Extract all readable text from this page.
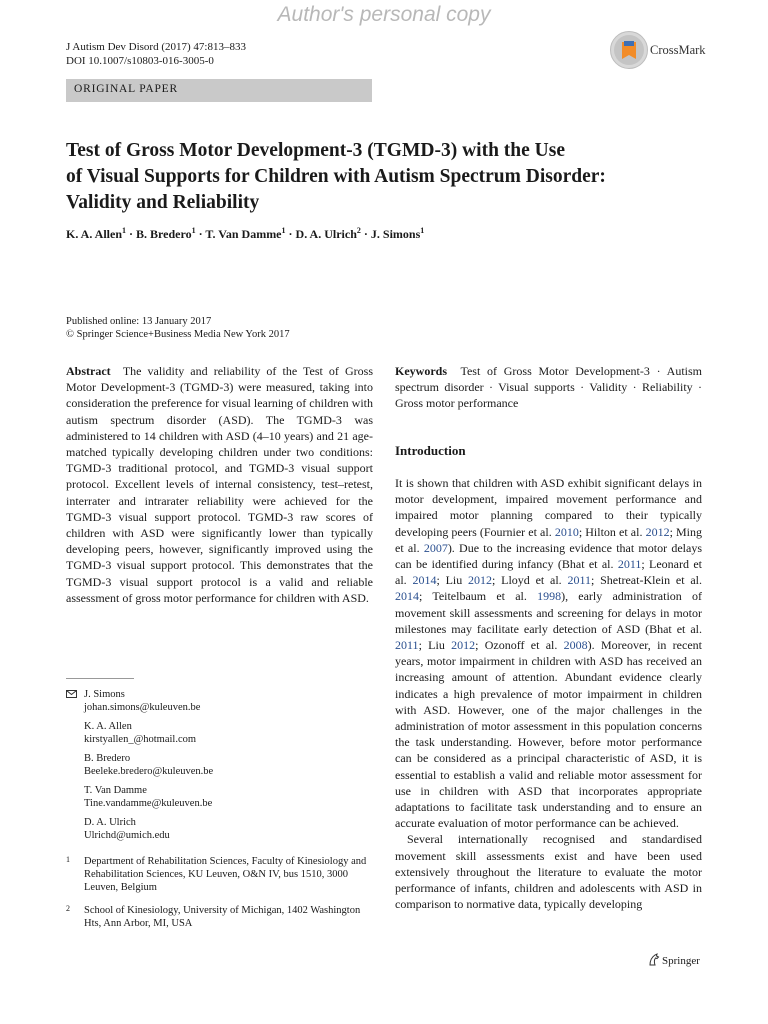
Author's personal copy
J Autism Dev Disord (2017) 47:813–833
DOI 10.1007/s10803-016-3005-0
CrossMark
ORIGINAL PAPER
Test of Gross Motor Development-3 (TGMD-3) with the Use
of Visual Supports for Children with Autism Spectrum Disorder:
Validity and Reliability
K. A. Allen$^1$ · B. Bredero$^1$ · T. Van Damme$^1$ · D. A. Ulrich$^2$ · J. Simons$^1$
Published online: 13 January 2017
© Springer Science+Business Media New York 2017
Abstract The validity and reliability of the Test of Gross Motor Development-3 (TGMD-3) were measured, taking into consideration the preference for visual learning of children with autism spectrum disorder (ASD). The TGMD-3 was administered to 14 children with ASD (4–10 years) and 21 age-matched typically developing children under two conditions: TGMD-3 traditional protocol, and TGMD-3 visual support protocol. Excellent levels of internal consistency, test–retest, interrater and intrarater reliability were achieved for the TGMD-3 visual support protocol. TGMD-3 raw scores of children with ASD were significantly lower than typically developing peers, however, significantly improved using the TGMD-3 visual support protocol. This demonstrates that the TGMD-3 visual support protocol is a valid and reliable assessment of gross motor performance for children with ASD.
J. Simons
johan.simons@kuleuven.be
K. A. Allen
kirstyallen_@hotmail.com
B. Bredero
Beeleke.bredero@kuleuven.be
T. Van Damme
Tine.vandamme@kuleuven.be
D. A. Ulrich
Ulrichd@umich.edu
1 Department of Rehabilitation Sciences, Faculty of Kinesiology and Rehabilitation Sciences, KU Leuven, O&N IV, bus 1510, 3000 Leuven, Belgium
2 School of Kinesiology, University of Michigan, 1402 Washington Hts, Ann Arbor, MI, USA
Keywords Test of Gross Motor Development-3 · Autism spectrum disorder · Visual supports · Validity · Reliability · Gross motor performance
Introduction

It is shown that children with ASD exhibit significant delays in motor development, impaired movement performance and impaired motor planning compared to their typically developing peers (Fournier et al. 2010; Hilton et al. 2012; Ming et al. 2007). Due to the increasing evidence that motor delays can be identified during infancy (Bhat et al. 2011; Leonard et al. 2014; Liu 2012; Lloyd et al. 2011; Shetreat-Klein et al. 2014; Teitelbaum et al. 1998), early administration of movement skill assessments and screening for delays in motor milestones may facilitate early detection of ASD (Bhat et al. 2011; Liu 2012; Ozonoff et al. 2008). Moreover, in recent years, motor impairment in children with ASD has received an increasing amount of attention. Abundant evidence clearly indicates a high prevalence of motor impairment in children with ASD. However, one of the major challenges in the administration of motor assessment in this population concerns the task understanding. However, before motor performance can be considered as a principal characteristic of ASD, it is essential to establish a valid and reliable motor assessment for use in children with ASD that incorporates appropriate adaptations to facilitate task understanding and to ensure an accurate evaluation of motor performance can be achieved.

Several internationally recognised and standardised movement skill assessments exist and have been used extensively throughout the literature to evaluate the motor performance of infants, children and adolescents with ASD in comparison to normative data, typically developing

Springer
